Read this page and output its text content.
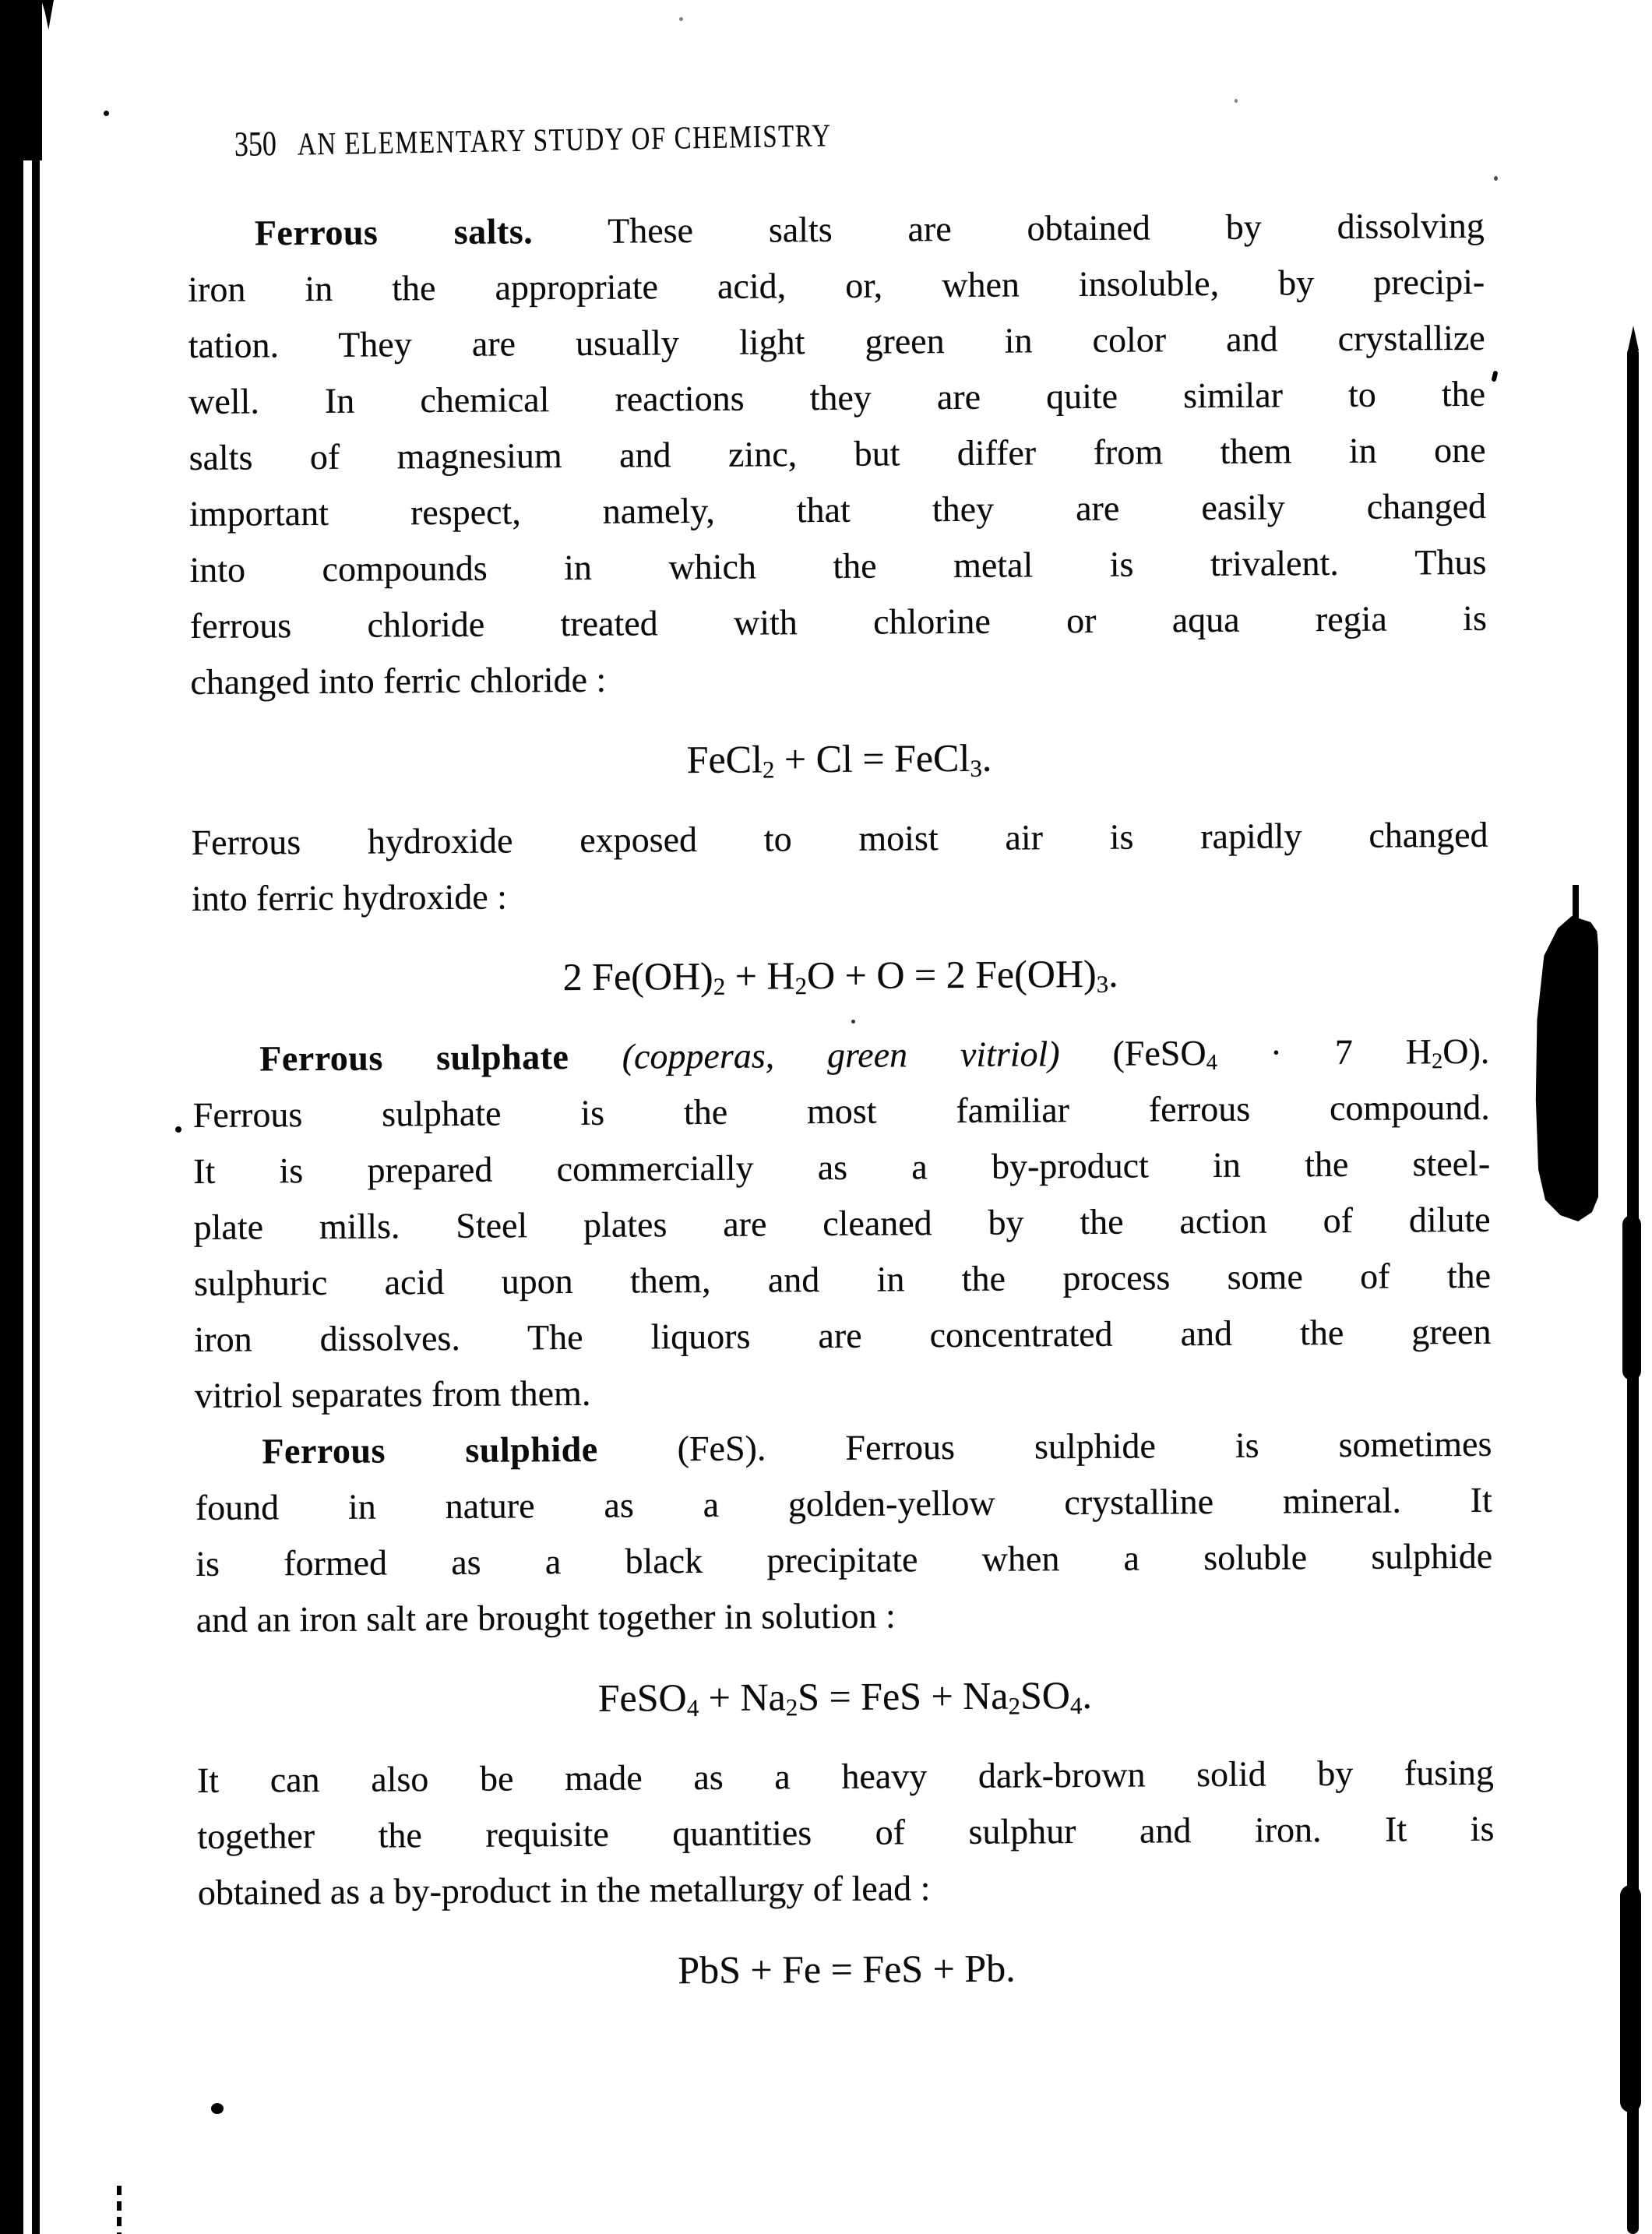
350 AN ELEMENTARY STUDY OF CHEMISTRY
Ferrous salts. These salts are obtained by dissolving
iron in the appropriate acid, or, when insoluble, by precipi-
tation. They are usually light green in color and crystallize
well. In chemical reactions they are quite similar to the
salts of magnesium and zinc, but differ from them in one
important respect, namely, that they are easily changed
into compounds in which the metal is trivalent. Thus
ferrous chloride treated with chlorine or aqua regia is
changed into ferric chloride :
FeCl$_2$ + Cl = FeCl$_3$.
Ferrous hydroxide exposed to moist air is rapidly changed
into ferric hydroxide :
2 $Fe(OH)_2 + H_2O + O = 2$ $Fe(OH)_3$.
Ferrous sulphate (copperas, green vitriol) (FeSO$_4$ · 7 $H_2O$).
Ferrous sulphate is the most familiar ferrous compound.
It is prepared commercially as a by-product in the steel-
plate mills. Steel plates are cleaned by the action of dilute
sulphuric acid upon them, and in the process some of the
iron dissolves. The liquors are concentrated and the green
vitriol separates from them.
Ferrous sulphide (FeS). Ferrous sulphide is sometimes
found in nature as a golden-yellow crystalline mineral. It
is formed as a black precipitate when a soluble sulphide
and an iron salt are brought together in solution :
FeSO$_4$ + $Na_2S$ = FeS + $Na_2SO_4$.
It can also be made as a heavy dark-brown solid by fusing
together the requisite quantities of sulphur and iron. It is
obtained as a by-product in the metallurgy of lead :
PbS + Fe = FeS + Pb.
